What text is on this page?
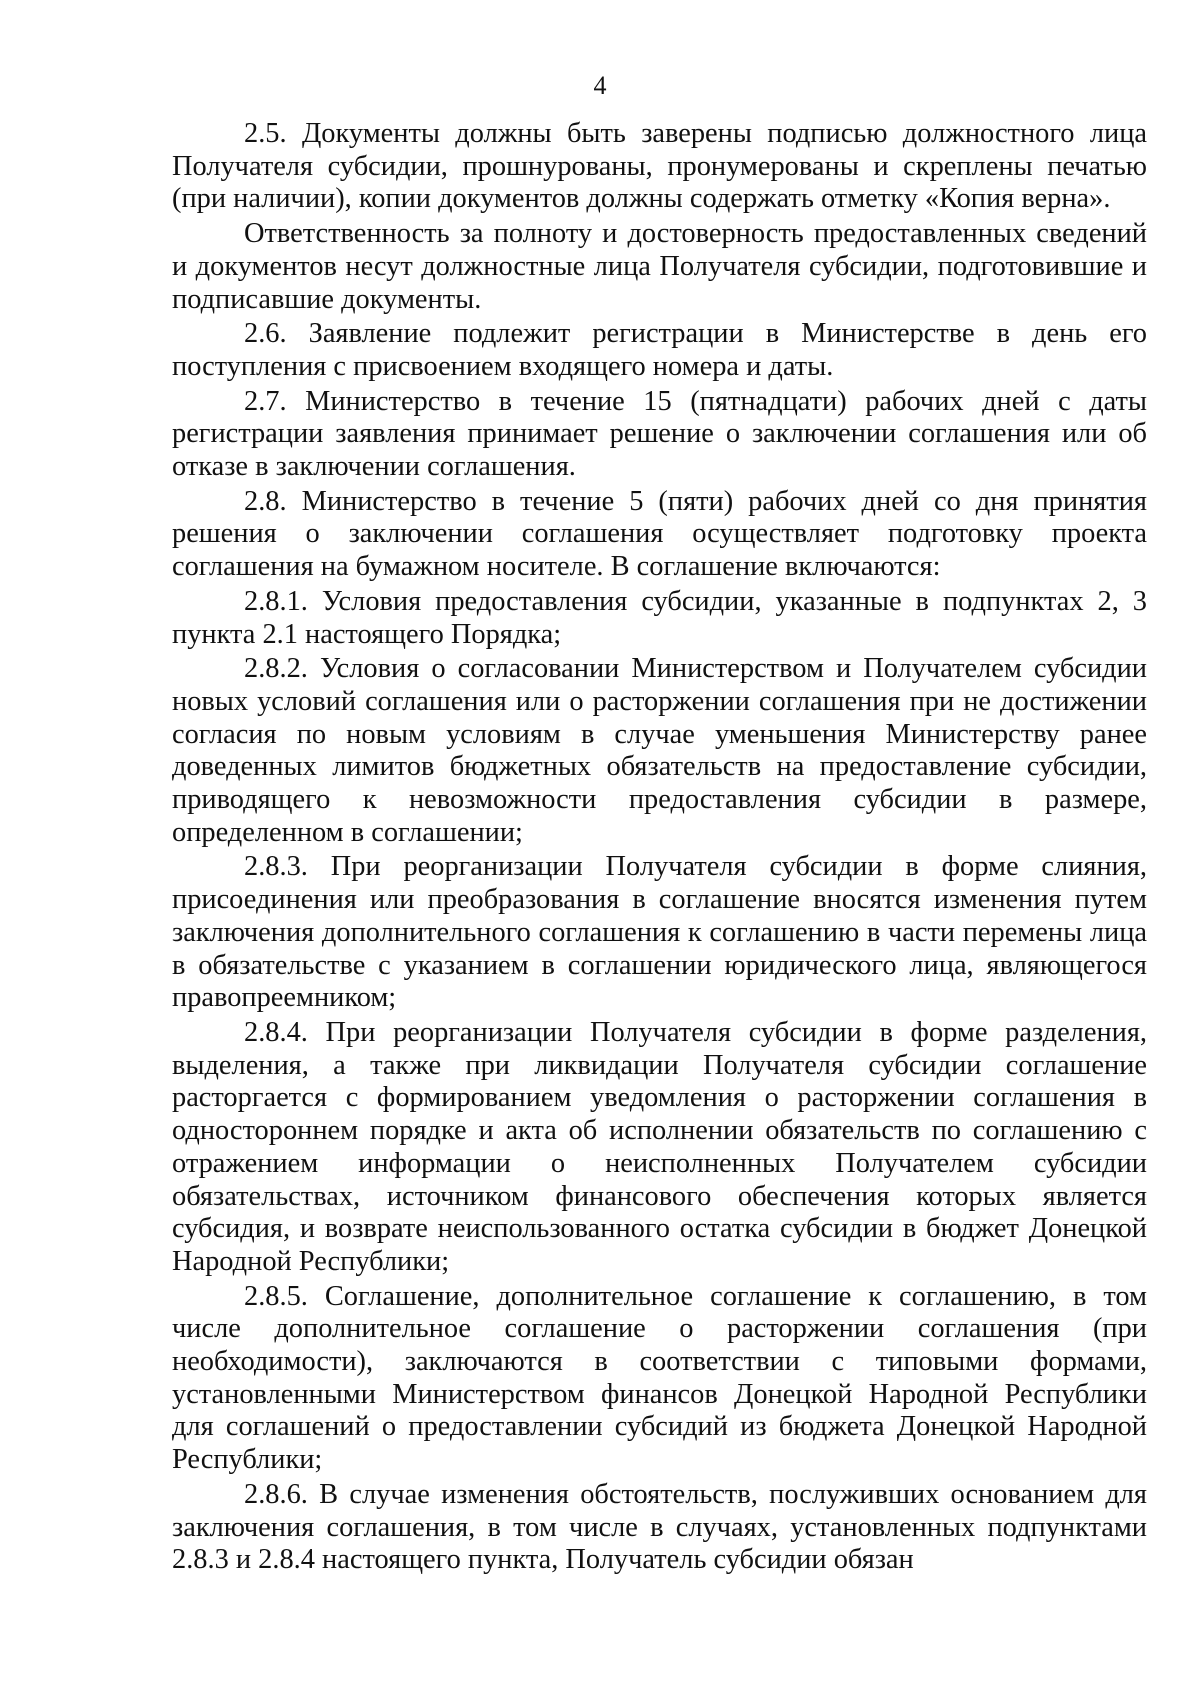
4

2.5. Документы должны быть заверены подписью должностного лица Получателя субсидии, прошнурованы, пронумерованы и скреплены печатью (при наличии), копии документов должны содержать отметку «Копия верна».

Ответственность за полноту и достоверность предоставленных сведений и документов несут должностные лица Получателя субсидии, подготовившие и подписавшие документы.

2.6. Заявление подлежит регистрации в Министерстве в день его поступления с присвоением входящего номера и даты.

2.7. Министерство в течение 15 (пятнадцати) рабочих дней с даты регистрации заявления принимает решение о заключении соглашения или об отказе в заключении соглашения.

2.8. Министерство в течение 5 (пяти) рабочих дней со дня принятия решения о заключении соглашения осуществляет подготовку проекта соглашения на бумажном носителе. В соглашение включаются:

2.8.1. Условия предоставления субсидии, указанные в подпунктах 2, 3 пункта 2.1 настоящего Порядка;

2.8.2. Условия о согласовании Министерством и Получателем субсидии новых условий соглашения или о расторжении соглашения при не достижении согласия по новым условиям в случае уменьшения Министерству ранее доведенных лимитов бюджетных обязательств на предоставление субсидии, приводящего к невозможности предоставления субсидии в размере, определенном в соглашении;

2.8.3. При реорганизации Получателя субсидии в форме слияния, присоединения или преобразования в соглашение вносятся изменения путем заключения дополнительного соглашения к соглашению в части перемены лица в обязательстве с указанием в соглашении юридического лица, являющегося правопреемником;

2.8.4. При реорганизации Получателя субсидии в форме разделения, выделения, а также при ликвидации Получателя субсидии соглашение расторгается с формированием уведомления о расторжении соглашения в одностороннем порядке и акта об исполнении обязательств по соглашению с отражением информации о неисполненных Получателем субсидии обязательствах, источником финансового обеспечения которых является субсидия, и возврате неиспользованного остатка субсидии в бюджет Донецкой Народной Республики;

2.8.5. Соглашение, дополнительное соглашение к соглашению, в том числе дополнительное соглашение о расторжении соглашения (при необходимости), заключаются в соответствии с типовыми формами, установленными Министерством финансов Донецкой Народной Республики для соглашений о предоставлении субсидий из бюджета Донецкой Народной Республики;

2.8.6. В случае изменения обстоятельств, послуживших основанием для заключения соглашения, в том числе в случаях, установленных подпунктами 2.8.3 и 2.8.4 настоящего пункта, Получатель субсидии обязан
